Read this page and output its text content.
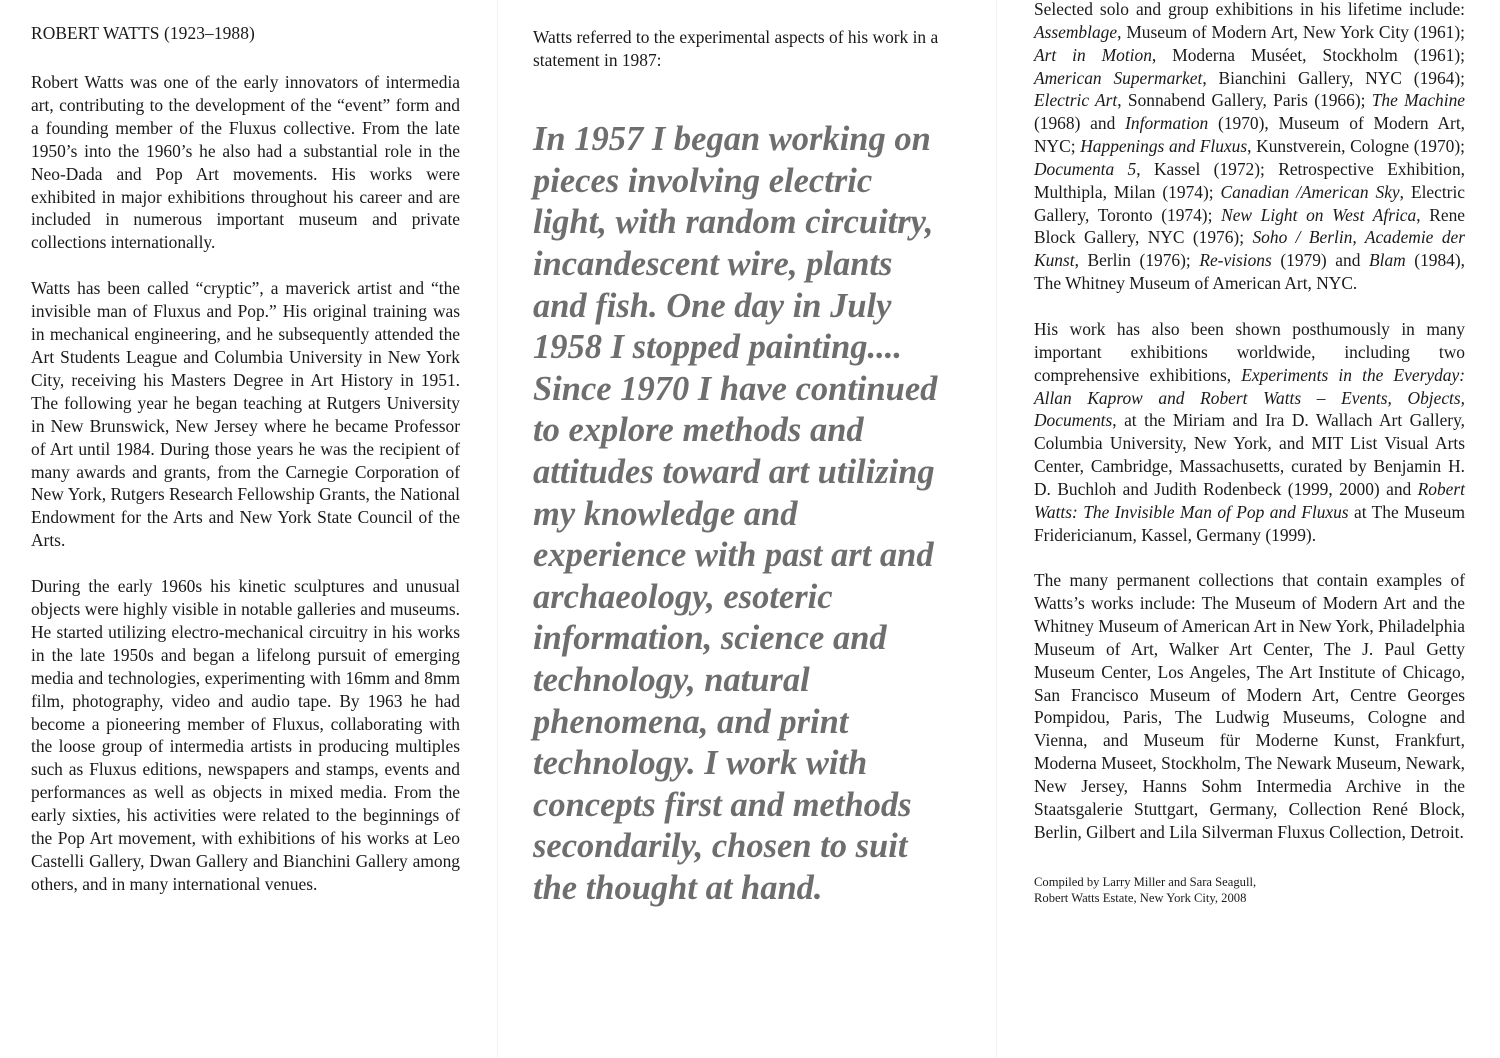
ROBERT WATTS (1923–1988)

Robert Watts was one of the early innovators of intermedia art, contributing to the development of the “event” form and a founding member of the Fluxus collective. From the late 1950’s into the 1960’s he also had a substantial role in the Neo-Dada and Pop Art movements. His works were exhibited in major exhibitions throughout his career and are included in numerous important museum and private collections internationally.

Watts has been called “cryptic”, a maverick artist and “the invisible man of Fluxus and Pop.” His original training was in mechanical engineering, and he subsequently attended the Art Students League and Columbia University in New York City, receiving his Masters Degree in Art History in 1951. The following year he began teaching at Rutgers University in New Brunswick, New Jersey where he became Professor of Art until 1984. During those years he was the recipient of many awards and grants, from the Carnegie Corporation of New York, Rutgers Research Fellowship Grants, the National Endowment for the Arts and New York State Council of the Arts.

During the early 1960s his kinetic sculptures and unusual objects were highly visible in notable galleries and museums. He started utilizing electro-mechanical circuitry in his works in the late 1950s and began a lifelong pursuit of emerging media and technologies, experimenting with 16mm and 8mm film, photography, video and audio tape. By 1963 he had become a pioneering member of Fluxus, collaborating with the loose group of intermedia artists in producing multiples such as Fluxus editions, newspapers and stamps, events and performances as well as objects in mixed media. From the early sixties, his activities were related to the beginnings of the Pop Art movement, with exhibitions of his works at Leo Castelli Gallery, Dwan Gallery and Bianchini Gallery among others, and in many international venues.

Watts referred to the experimental aspects of his work in a statement in 1987:

In 1957 I began working on
pieces involving electric
light, with random circuitry,
incandescent wire, plants
and fish. One day in July
1958 I stopped painting....
Since 1970 I have continued
to explore methods and
attitudes toward art utilizing
my knowledge and
experience with past art and
archaeology, esoteric
information, science and
technology, natural
phenomena, and print
technology. I work with
concepts first and methods
secondarily, chosen to suit
the thought at hand.

Selected solo and group exhibitions in his lifetime include: Assemblage, Museum of Modern Art, New York City (1961); Art in Motion, Moderna Muséet, Stockholm (1961); American Supermarket, Bianchini Gallery, NYC (1964); Electric Art, Sonnabend Gallery, Paris (1966); The Machine (1968) and Information (1970), Museum of Modern Art, NYC; Happenings and Fluxus, Kunstverein, Cologne (1970); Documenta 5, Kassel (1972); Retrospective Exhibition, Multhipla, Milan (1974); Canadian /American Sky, Electric Gallery, Toronto (1974); New Light on West Africa, Rene Block Gallery, NYC (1976); Soho / Berlin, Academie der Kunst, Berlin (1976); Re-visions (1979) and Blam (1984), The Whitney Museum of American Art, NYC.

His work has also been shown posthumously in many important exhibitions worldwide, including two comprehensive exhibitions, Experiments in the Everyday: Allan Kaprow and Robert Watts – Events, Objects, Documents, at the Miriam and Ira D. Wallach Art Gallery, Columbia University, New York, and MIT List Visual Arts Center, Cambridge, Massachusetts, curated by Benjamin H. D. Buchloh and Judith Rodenbeck (1999, 2000) and Robert Watts: The Invisible Man of Pop and Fluxus at The Museum Fridericianum, Kassel, Germany (1999).

The many permanent collections that contain examples of Watts’s works include: The Museum of Modern Art and the Whitney Museum of American Art in New York, Philadelphia Museum of Art, Walker Art Center, The J. Paul Getty Museum Center, Los Angeles, The Art Institute of Chicago, San Francisco Museum of Modern Art, Centre Georges Pompidou, Paris, The Ludwig Museums, Cologne and Vienna, and Museum für Moderne Kunst, Frankfurt, Moderna Museet, Stockholm, The Newark Museum, Newark, New Jersey, Hanns Sohm Intermedia Archive in the Staatsgalerie Stuttgart, Germany, Collection René Block, Berlin, Gilbert and Lila Silverman Fluxus Collection, Detroit.

Compiled by Larry Miller and Sara Seagull,
Robert Watts Estate, New York City, 2008
